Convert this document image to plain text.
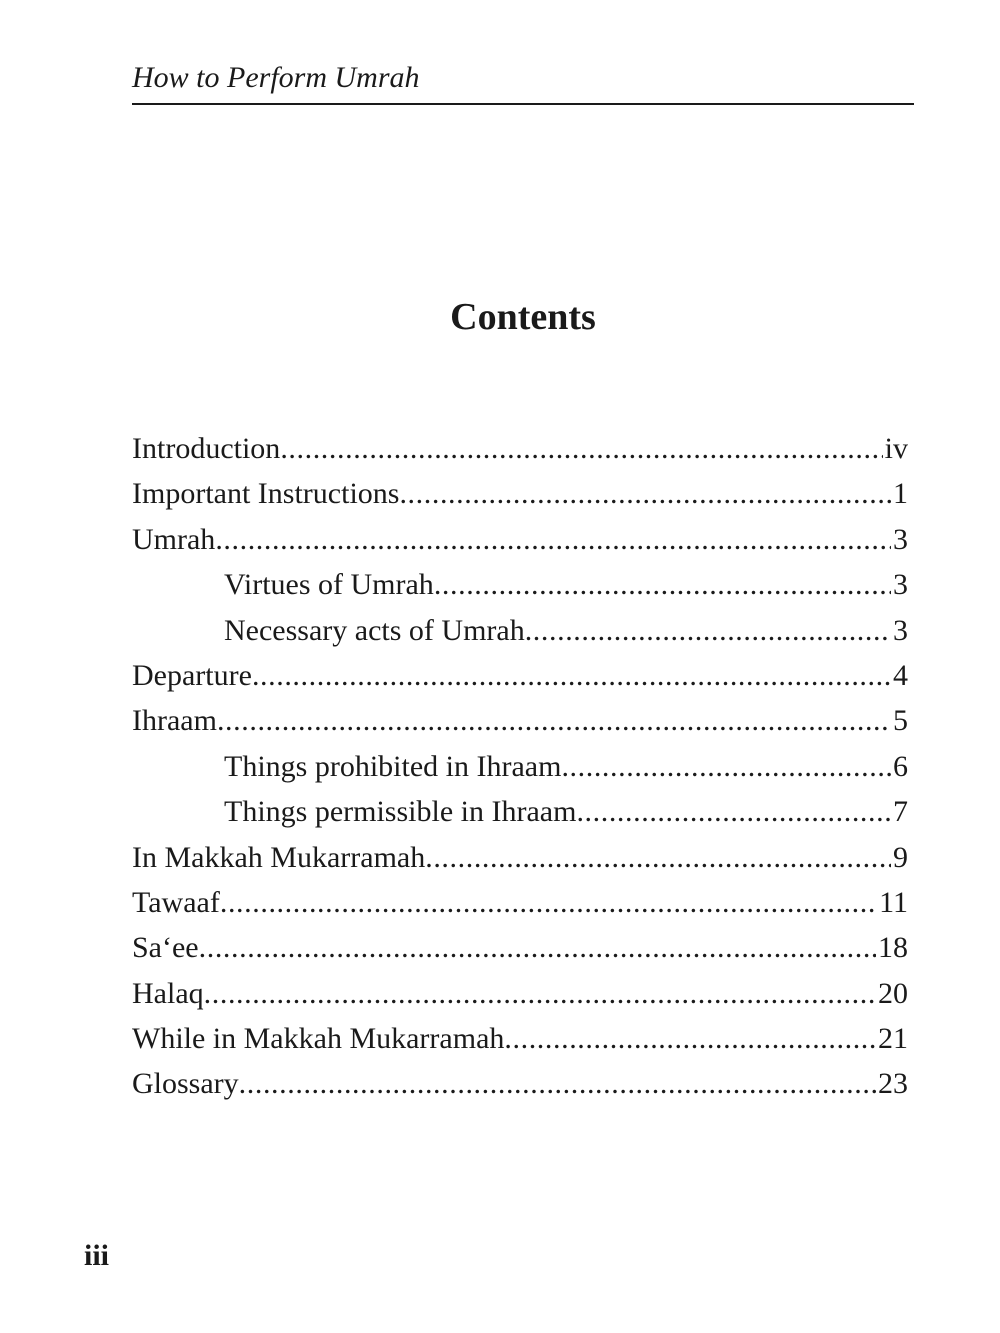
How to Perform Umrah
Contents
Introduction .....	iv
Important Instructions .....	1
Umrah .....	3
Virtues of Umrah .....	3
Necessary acts of Umrah .....	3
Departure .....	4
Ihraam .....	5
Things prohibited in Ihraam .....	6
Things permissible in Ihraam .....	7
In Makkah Mukarramah .....	9
Tawaaf .....	11
Sa‘ee .....	18
Halaq .....	20
While in Makkah Mukarramah .....	21
Glossary .....	23
iii
